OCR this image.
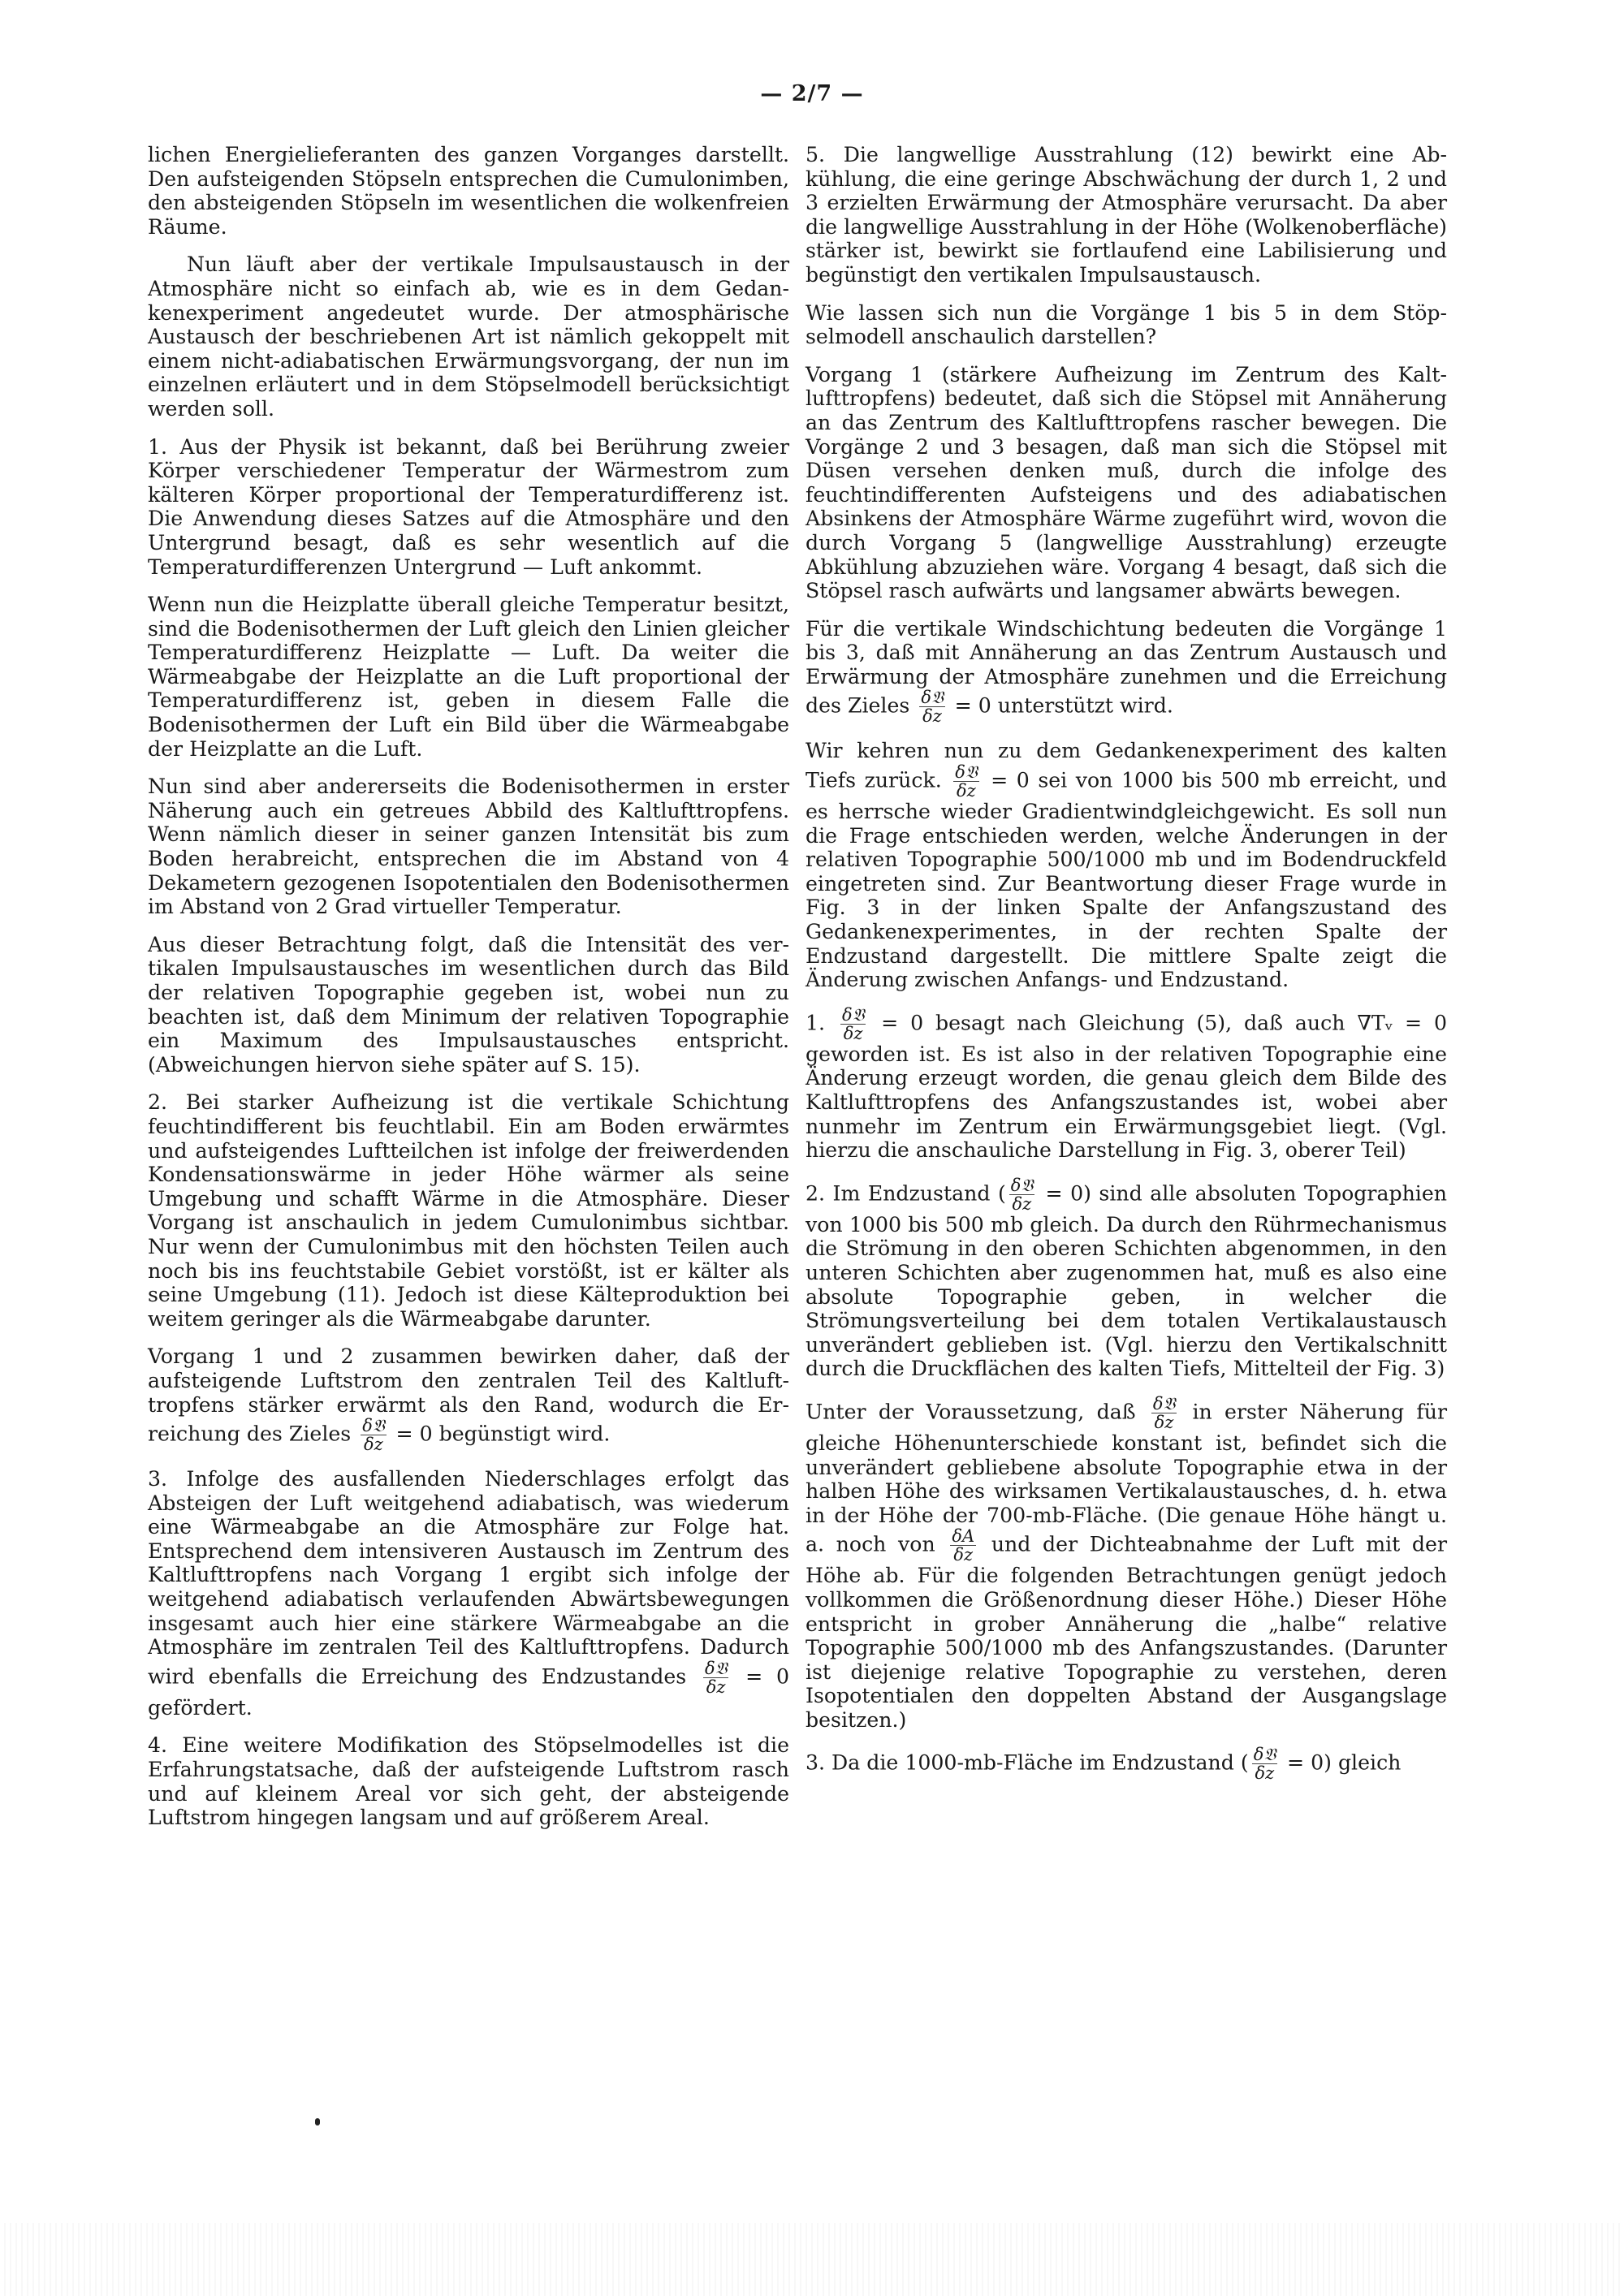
— 2/7 —

lichen Energielieferanten des ganzen Vorganges darstellt. Den aufsteigenden Stöpseln entsprechen die Cumulonimben, den absteigenden Stöpseln im wesentlichen die wolkenfreien Räume.

Nun läuft aber der vertikale Impulsaustausch in der Atmosphäre nicht so einfach ab, wie es in dem Gedankenexperiment angedeutet wurde. Der atmosphärische Austausch der beschriebenen Art ist nämlich gekoppelt mit einem nicht-adiabatischen Erwärmungsvorgang, der nun im einzelnen erläutert und in dem Stöpselmodell berücksichtigt werden soll.

1. Aus der Physik ist bekannt, daß bei Berührung zweier Körper verschiedener Temperatur der Wärmestrom zum kälteren Körper proportional der Temperaturdifferenz ist. Die Anwendung dieses Satzes auf die Atmosphäre und den Untergrund besagt, daß es sehr wesentlich auf die Temperaturdifferenzen Untergrund — Luft ankommt.

Wenn nun die Heizplatte überall gleiche Temperatur besitzt, sind die Bodenisothermen der Luft gleich den Linien gleicher Temperaturdifferenz Heizplatte — Luft. Da weiter die Wärmeabgabe der Heizplatte an die Luft proportional der Temperaturdifferenz ist, geben in diesem Falle die Bodenisothermen der Luft ein Bild über die Wärmeabgabe der Heizplatte an die Luft.

Nun sind aber andererseits die Bodenisothermen in erster Näherung auch ein getreues Abbild des Kaltlufttropfens. Wenn nämlich dieser in seiner ganzen Intensität bis zum Boden herabreicht, entsprechen die im Abstand von 4 Dekametern gezogenen Isopotentialen den Bodenisothermen im Abstand von 2 Grad virtueller Temperatur.

Aus dieser Betrachtung folgt, daß die Intensität des vertikalen Impulsaustausches im wesentlichen durch das Bild der relativen Topographie gegeben ist, wobei nun zu beachten ist, daß dem Minimum der relativen Topographie ein Maximum des Impulsaustausches entspricht. (Abweichungen hiervon siehe später auf S. 15).

2. Bei starker Aufheizung ist die vertikale Schichtung feuchtindifferent bis feuchtlabil. Ein am Boden erwärmtes und aufsteigendes Luftteilchen ist infolge der freiwerdenden Kondensationswärme in jeder Höhe wärmer als seine Umgebung und schafft Wärme in die Atmosphäre. Dieser Vorgang ist anschaulich in jedem Cumulonimbus sichtbar. Nur wenn der Cumulonimbus mit den höchsten Teilen auch noch bis ins feuchtstabile Gebiet vorstößt, ist er kälter als seine Umgebung (11). Jedoch ist diese Kälteproduktion bei weitem geringer als die Wärmeabgabe darunter.

Vorgang 1 und 2 zusammen bewirken daher, daß der aufsteigende Luftstrom den zentralen Teil des Kaltlufttropfens stärker erwärmt als den Rand, wodurch die Erreichung des Zieles $\frac{\text{δ𝔙}}{\delta z} = 0$ begünstigt wird.

3. Infolge des ausfallenden Niederschlages erfolgt das Absteigen der Luft weitgehend adiabatisch, was wiederum eine Wärmeabgabe an die Atmosphäre zur Folge hat. Entsprechend dem intensiveren Austausch im Zentrum des Kaltlufttropfens nach Vorgang 1 ergibt sich infolge der weitgehend adiabatisch verlaufenden Abwärtsbewegungen insgesamt auch hier eine stärkere Wärmeabgabe an die Atmosphäre im zentralen Teil des Kaltlufttropfens. Dadurch wird ebenfalls die Erreichung des Endzustandes $\frac{\text{δ𝔙}}{\delta z} = 0$ gefördert.

4. Eine weitere Modifikation des Stöpselmodelles ist die Erfahrungstatsache, daß der aufsteigende Luftstrom rasch und auf kleinem Areal vor sich geht, der absteigende Luftstrom hingegen langsam und auf größerem Areal.

5. Die langwellige Ausstrahlung (12) bewirkt eine Abkühlung, die eine geringe Abschwächung der durch 1, 2 und 3 erzielten Erwärmung der Atmosphäre verursacht. Da aber die langwellige Ausstrahlung in der Höhe (Wolkenoberfläche) stärker ist, bewirkt sie fortlaufend eine Labilisierung und begünstigt den vertikalen Impulsaustausch.

Wie lassen sich nun die Vorgänge 1 bis 5 in dem Stöpselmodell anschaulich darstellen?

Vorgang 1 (stärkere Aufheizung im Zentrum des Kaltlufttropfens) bedeutet, daß sich die Stöpsel mit Annäherung an das Zentrum des Kaltlufttropfens rascher bewegen. Die Vorgänge 2 und 3 besagen, daß man sich die Stöpsel mit Düsen versehen denken muß, durch die infolge des feuchtindifferenten Aufsteigens und des adiabatischen Absinkens der Atmosphäre Wärme zugeführt wird, wovon die durch Vorgang 5 (langwellige Ausstrahlung) erzeugte Abkühlung abzuziehen wäre. Vorgang 4 besagt, daß sich die Stöpsel rasch aufwärts und langsamer abwärts bewegen.

Für die vertikale Windschichtung bedeuten die Vorgänge 1 bis 3, daß mit Annäherung an das Zentrum Austausch und Erwärmung der Atmosphäre zunehmen und die Erreichung des Zieles $\frac{\text{δ𝔙}}{\delta z} = 0$ unterstützt wird.

Wir kehren nun zu dem Gedankenexperiment des kalten Tiefs zurück. $\frac{\text{δ𝔙}}{\delta z} = 0$ sei von 1000 bis 500 mb erreicht, und es herrsche wieder Gradientwindgleichgewicht. Es soll nun die Frage entschieden werden, welche Änderungen in der relativen Topographie 500/1000 mb und im Bodendruckfeld eingetreten sind. Zur Beantwortung dieser Frage wurde in Fig. 3 in der linken Spalte der Anfangszustand des Gedankenexperimentes, in der rechten Spalte der Endzustand dargestellt. Die mittlere Spalte zeigt die Änderung zwischen Anfangs- und Endzustand.

1. $\frac{\text{δ𝔙}}{\delta z} = 0$ besagt nach Gleichung (5), daß auch ∇Tᵥ = 0 geworden ist. Es ist also in der relativen Topographie eine Änderung erzeugt worden, die genau gleich dem Bilde des Kaltlufttropfens des Anfangszustandes ist, wobei aber nunmehr im Zentrum ein Erwärmungsgebiet liegt. (Vgl. hierzu die anschauliche Darstellung in Fig. 3, oberer Teil)

2. Im Endzustand ( $\frac{\text{δ𝔙}}{\delta z} = 0$) sind alle absoluten Topographien von 1000 bis 500 mb gleich. Da durch den Rührmechanismus die Strömung in den oberen Schichten abgenommen, in den unteren Schichten aber zugenommen hat, muß es also eine absolute Topographie geben, in welcher die Strömungsverteilung bei dem totalen Vertikalaustausch unverändert geblieben ist. (Vgl. hierzu den Vertikalschnitt durch die Druckflächen des kalten Tiefs, Mittelteil der Fig. 3)

Unter der Voraussetzung, daß $\frac{\text{δ𝔙}}{\delta z}$ in erster Näherung für gleiche Höhenunterschiede konstant ist, befindet sich die unverändert gebliebene absolute Topographie etwa in der halben Höhe des wirksamen Vertikalaustausches, d. h. etwa in der Höhe der 700-mb-Fläche. (Die genaue Höhe hängt u. a. noch von $\frac{\delta A}{\delta z}$ und der Dichteabnahme der Luft mit der Höhe ab. Für die folgenden Betrachtungen genügt jedoch vollkommen die Größenordnung dieser Höhe.) Dieser Höhe entspricht in grober Annäherung die „halbe“ relative Topographie 500/1000 mb des Anfangszustandes. (Darunter ist diejenige relative Topographie zu verstehen, deren Isopotentialen den doppelten Abstand der Ausgangslage besitzen.)

3. Da die 1000-mb-Fläche im Endzustand ( $\frac{\text{δ𝔙}}{\delta z} = 0$) gleich
